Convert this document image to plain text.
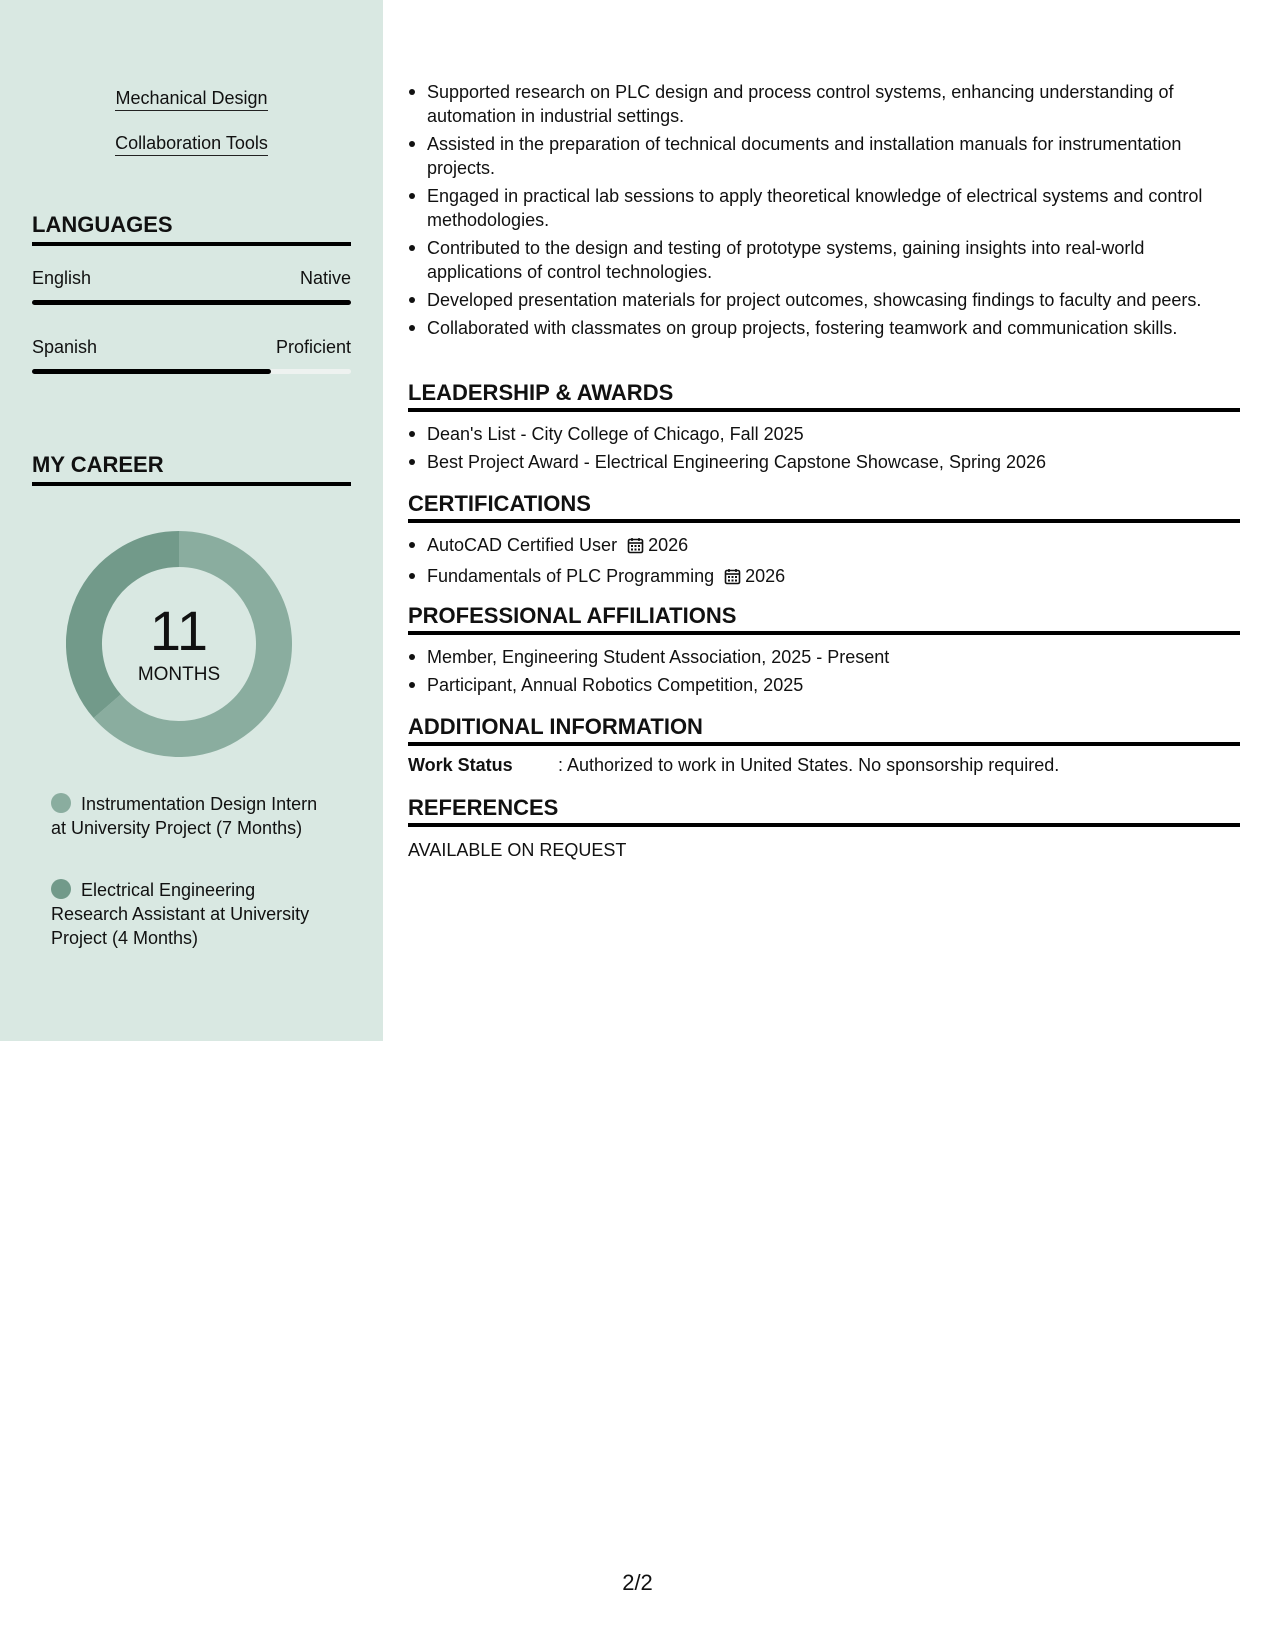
Mechanical Design
Collaboration Tools
LANGUAGES
English	Native
Spanish	Proficient
MY CAREER
11
MONTHS
Instrumentation Design Intern at University Project (7 Months)
Electrical Engineering Research Assistant at University Project (4 Months)
Supported research on PLC design and process control systems, enhancing understanding of automation in industrial settings.
Assisted in the preparation of technical documents and installation manuals for instrumentation projects.
Engaged in practical lab sessions to apply theoretical knowledge of electrical systems and control methodologies.
Contributed to the design and testing of prototype systems, gaining insights into real-world applications of control technologies.
Developed presentation materials for project outcomes, showcasing findings to faculty and peers.
Collaborated with classmates on group projects, fostering teamwork and communication skills.
LEADERSHIP & AWARDS
Dean's List - City College of Chicago, Fall 2025
Best Project Award - Electrical Engineering Capstone Showcase, Spring 2026
CERTIFICATIONS
AutoCAD Certified User 2026
Fundamentals of PLC Programming 2026
PROFESSIONAL AFFILIATIONS
Member, Engineering Student Association, 2025 - Present
Participant, Annual Robotics Competition, 2025
ADDITIONAL INFORMATION
Work Status	: Authorized to work in United States. No sponsorship required.
REFERENCES
AVAILABLE ON REQUEST
2/2
